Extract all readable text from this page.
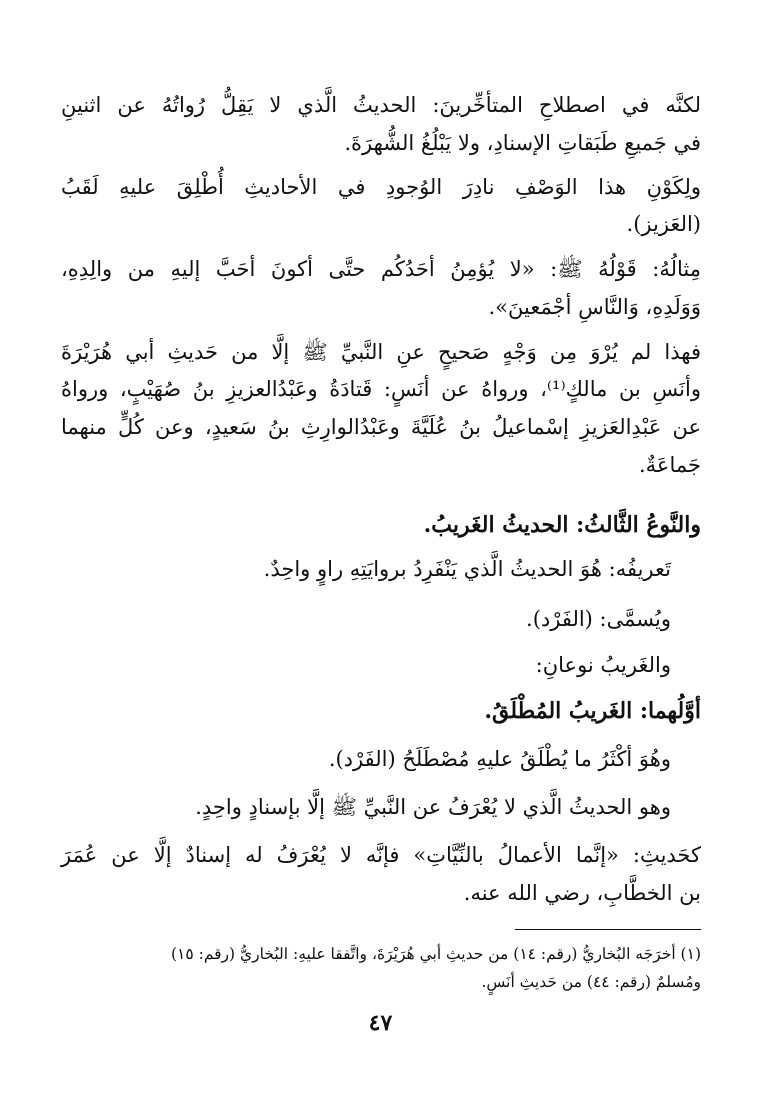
لكنَّه في اصطلاحِ المتأخِّرينَ: الحديثُ الَّذي لا يَقِلُّ رُواتُهُ عن اثنينِ
في جَميعِ طَبَقاتِ الإسنادِ، ولا يَبْلُغُ الشُّهرَةَ.
ولِكَوْنِ هذا الوَصْفِ نادِرَ الوُجودِ في الأحاديثِ أُطْلِقَ عليهِ لَقَبُ
(العَزيز).
مِثالُهُ: قَوْلُهُ ﷺ: «لا يُؤمِنُ أحَدُكُم حتَّى أكونَ أحَبَّ إليهِ من والِدِهِ،
وَوَلَدِهِ، وَالنَّاسِ أجْمَعينَ».
فهذا لم يُرْوَ مِن وَجْهٍ صَحيحٍ عنِ النَّبيِّ ﷺ إلَّا من حَديثِ أبي هُرَيْرَةَ
وأنَسِ بن مالكٍ⁽¹⁾، ورواهُ عن أنَسٍ: قَتادَةُ وعَبْدُالعزيزِ بنُ صُهَيْبٍ، ورواهُ
عن عَبْدِالعَزيزِ إسْماعيلُ بنُ عُلَيَّةَ وعَبْدُالوارِثِ بنُ سَعيدٍ، وعن كُلٍّ منهما
جَماعَةٌ.
والنَّوعُ الثَّالثُ: الحديثُ الغَريبُ.
تَعريفُه: هُوَ الحديثُ الَّذي يَنْفَرِدُ بروايَتِهِ راوٍ واحِدٌ.
ويُسمَّى: (الفَرْد).
والغَريبُ نوعانِ:
أوَّلُهما: الغَريبُ المُطْلَقُ.
وهُوَ أكْثَرُ ما يُطْلَقُ عليهِ مُصْطَلَحُ (الفَرْد).
وهو الحديثُ الَّذي لا يُعْرَفُ عن النَّبيِّ ﷺ إلَّا بإسنادٍ واحِدٍ.
كحَديثِ: «إنَّما الأعمالُ بالنِّيَّاتِ» فإنَّه لا يُعْرَفُ له إسنادٌ إلَّا عن عُمَرَ
بن الخطَّابِ، رضي الله عنه.
(١) أخرَجَه البُخاريُّ (رقم: ١٤) من حديثِ أبي هُرَيْرَةَ، واتَّفقا عليهِ: البُخاريُّ (رقم: ١٥)
ومُسلمٌ (رقم: ٤٤) من حَديثِ أنَسٍ.
٤٧
